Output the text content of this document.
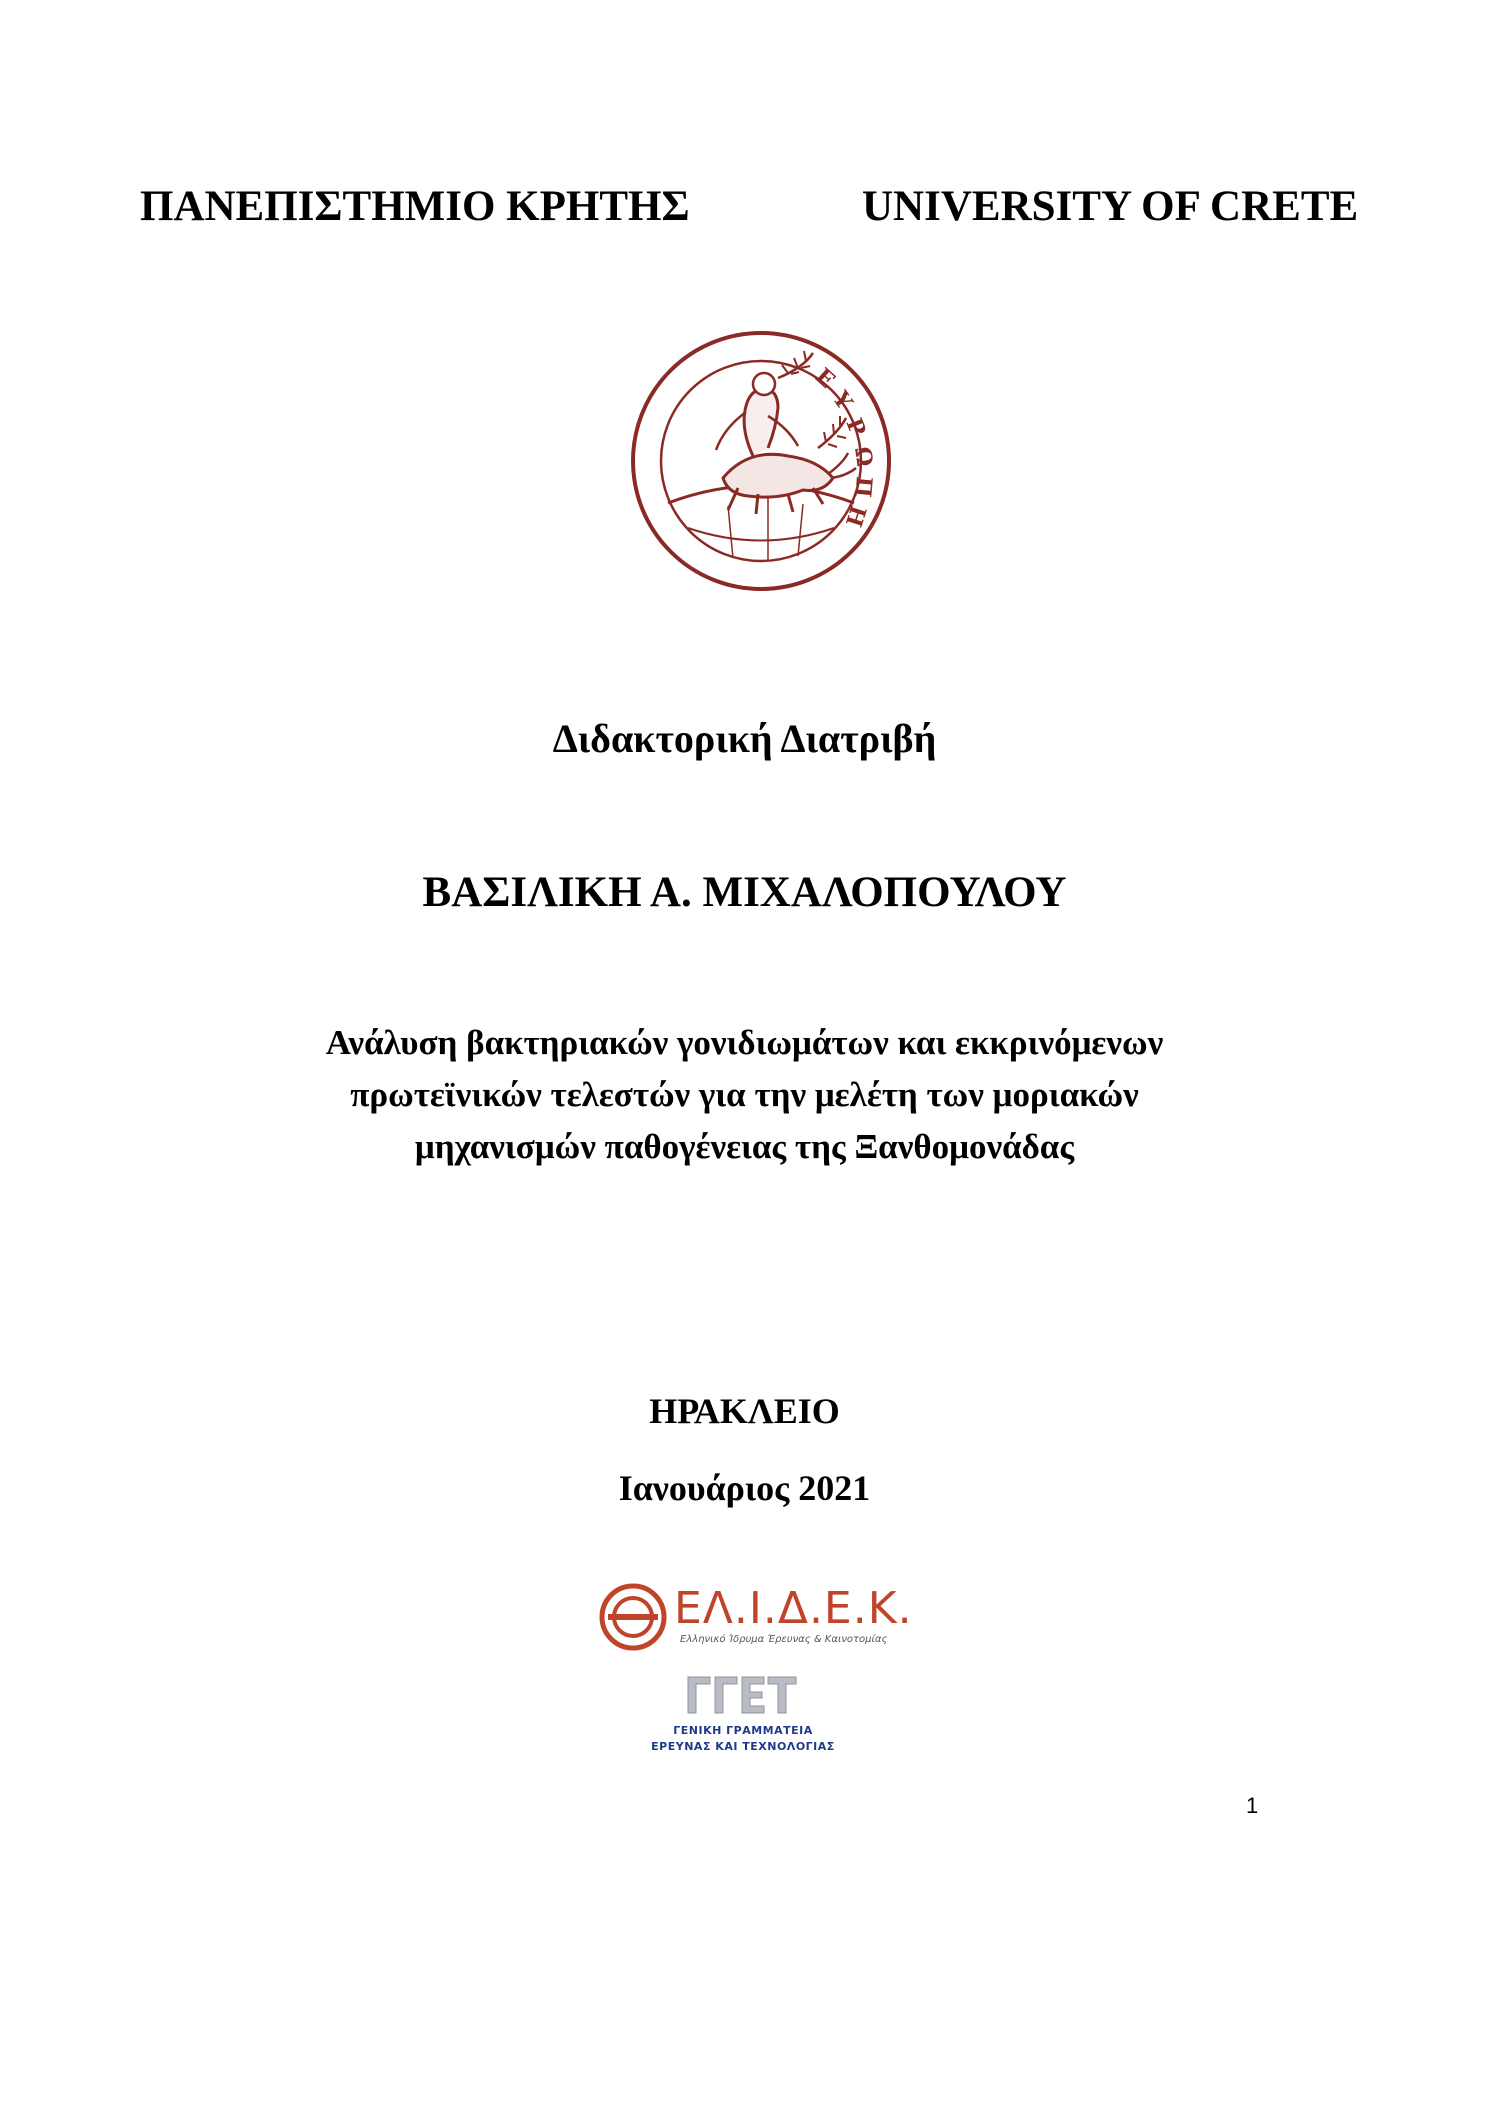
ΠΑΝΕΠΙΣΤΗΜΙΟ ΚΡΗΤΗΣ	UNIVERSITY OF CRETE
Ε
Υ
Ρ
Ω
Π
Η
Διδακτορική Διατριβή
ΒΑΣΙΛΙΚΗ Α. ΜΙΧΑΛΟΠΟΥΛΟΥ
Ανάλυση βακτηριακών γονιδιωμάτων και εκκρινόμενων
πρωτεϊνικών τελεστών για την μελέτη των μοριακών
μηχανισμών παθογένειας της Ξανθομονάδας
ΗΡΑΚΛΕΙΟ
Ιανουάριος 2021
ΕΛ.Ι.Δ.Ε.Κ.
Ελληνικό Ίδρυμα Έρευνας & Καινοτομίας
ΓΕΝΙΚΗ ΓΡΑΜΜΑΤΕΙΑ
ΕΡΕΥΝΑΣ ΚΑΙ ΤΕΧΝΟΛΟΓΙΑΣ
1
